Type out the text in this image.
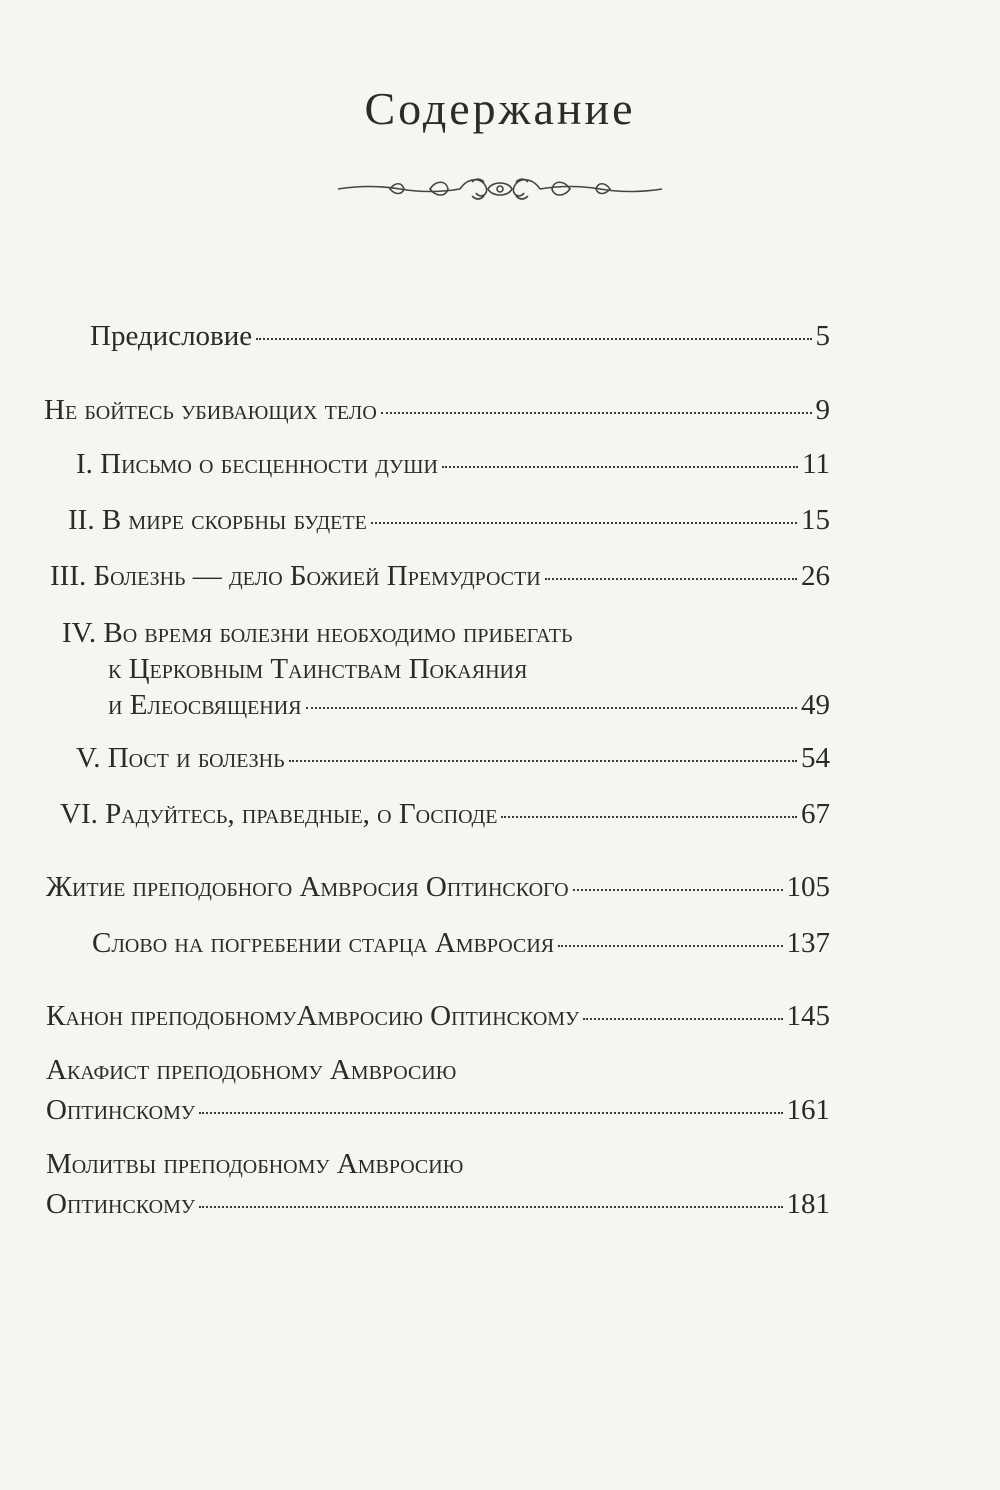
Содержание
Предисловие	5
Не бойтесь убивающих тело	9
I. Письмо о бесценности души	11
II. В мире скорбны будете	15
III. Болезнь — дело Божией Премудрости	26
IV. Во время болезни необходимо прибегать
к Церковным Таинствам Покаяния
и Елеосвящения	49
V. Пост и болезнь	54
VI. Радуйтесь, праведные, о Господе	67
Житие преподобного Амвросия Оптинского	105
Слово на погребении старца Амвросия	137
Канон преподобномуАмвросию Оптинскому	145
Акафист преподобному Амвросию
Оптинскому	161
Молитвы преподобному Амвросию
Оптинскому	181
